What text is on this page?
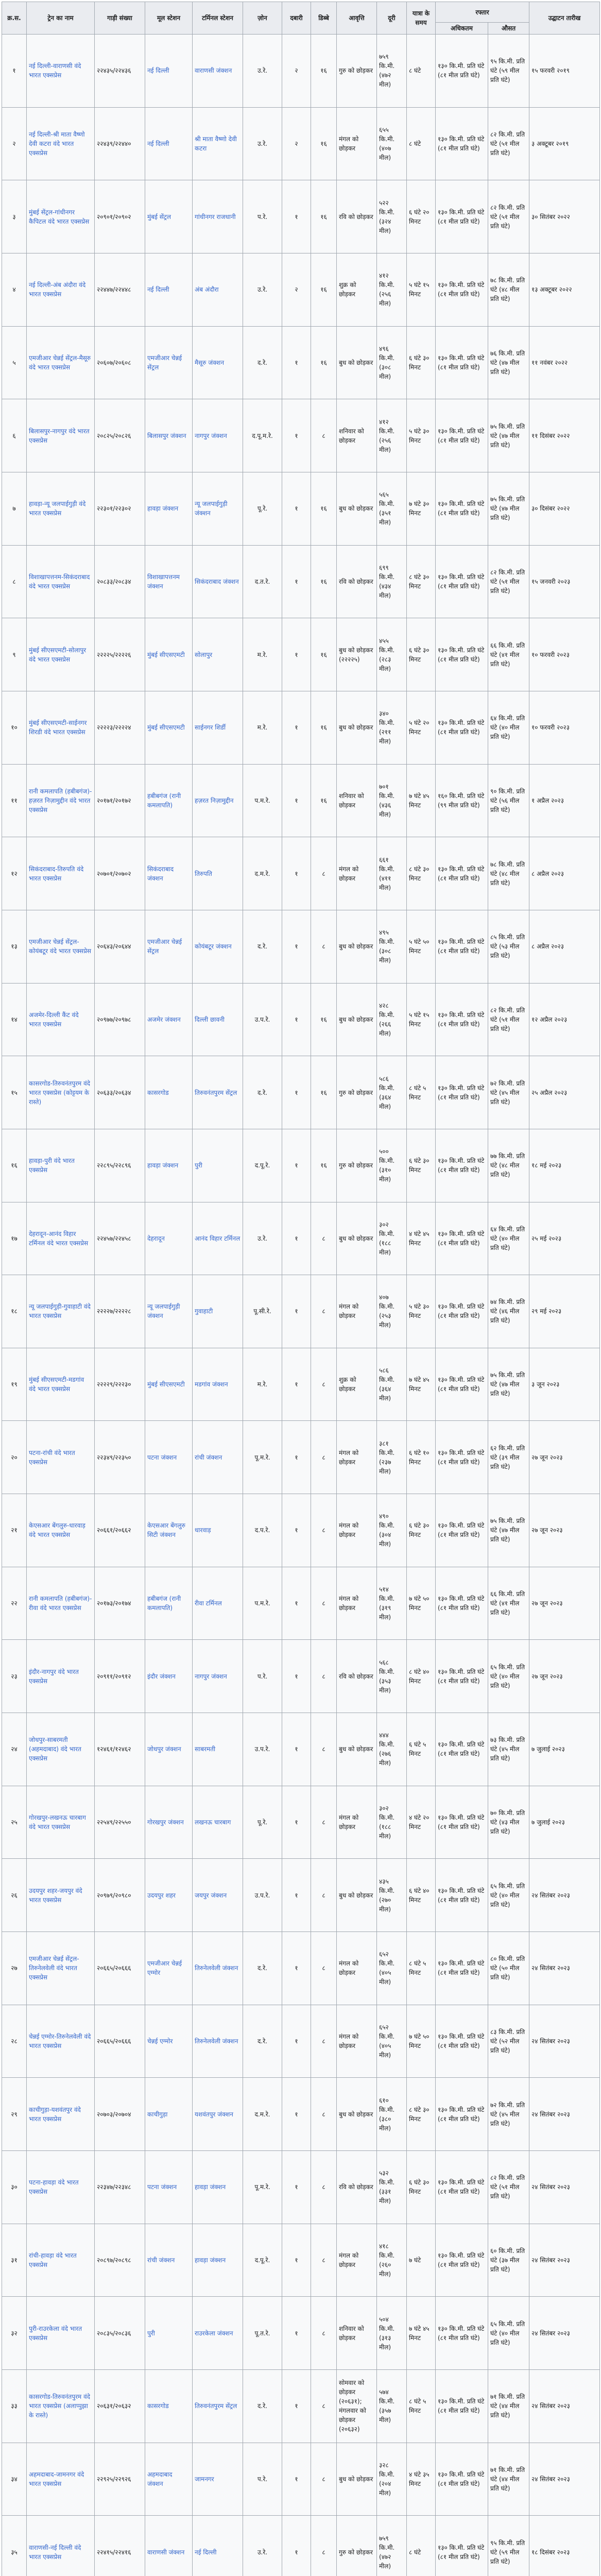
क्र.स.	ट्रेन का नाम	गाड़ी संख्या	मूल स्टेशन	टर्मिनल स्टेशन	ज़ोन	दबारी	डिब्बे	आवृत्ति	दूरी	यात्रा के समय	रफ्तार		उद्घाटन तारीख
											अधिकतम	औसत	
१	नई दिल्ली-वाराणसी वंदे भारत एक्सप्रेस	२२४३५/२२४३६	नई दिल्ली	वाराणसी जंक्शन	उ.रे.	२	१६	गुरु को छोड़कर	७५९ कि.मी. (४७२ मील)	८ घंटे	१३० कि.मी. प्रति घंटे (८१ मील प्रति घंटे)	९५ कि.मी. प्रति घंटे (५९ मील प्रति घंटे)	१५ फरवरी २०१९
२	नई दिल्ली-श्री माता वैष्णो देवी कटरा वंदे भारत एक्सप्रेस	२२४३९/२२४४०	नई दिल्ली	श्री माता वैष्णो देवी कटरा	उ.रे.	२	१६	मंगल को छोड़कर	६५५ कि.मी. (४०७ मील)	८ घंटे	१३० कि.मी. प्रति घंटे (८१ मील प्रति घंटे)	८२ कि.मी. प्रति घंटे (५१ मील प्रति घंटे)	३ अक्टूबर २०१९
३	मुंबई सेंट्रल-गांधीनगर कैपिटल वंदे भारत एक्सप्रेस	२०९०१/२०९०२	मुंबई सेंट्रल	गांधीनगर राजधानी	प.रे.	१	१६	रवि को छोड़कर	५२२ कि.मी. (३२४ मील)	६ घंटे २० मिनट	१३० कि.मी. प्रति घंटे (८१ मील प्रति घंटे)	८२ कि.मी. प्रति घंटे (५१ मील प्रति घंटे)	३० सितंबर २०२२
४	नई दिल्ली-अंब अंदौरा वंदे भारत एक्सप्रेस	२२४४७/२२४४८	नई दिल्ली	अंब अंदौरा	उ.रे.	२	१६	शुक्र को छोड़कर	४१२ कि.मी. (२५६ मील)	५ घंटे १५ मिनट	१३० कि.मी. प्रति घंटे (८१ मील प्रति घंटे)	७८ कि.मी. प्रति घंटे (४८ मील प्रति घंटे)	१३ अक्टूबर २०२२
५	एमजीआर चेन्नई सेंट्रल-मैसूरु वंदे भारत एक्सप्रेस	२०६०७/२०६०८	एमजीआर चेन्नई सेंट्रल	मैसूरु जंक्शन	द.रे.	१	१६	बुध को छोड़कर	४९६ कि.मी. (३०८ मील)	६ घंटे ३० मिनट	१३० कि.मी. प्रति घंटे (८१ मील प्रति घंटे)	७६ कि.मी. प्रति घंटे (४७ मील प्रति घंटे)	११ नवंबर २०२२
६	बिलासपुर-नागपुर वंदे भारत एक्सप्रेस	२०८२५/२०८२६	बिलासपुर जंक्शन	नागपुर जंक्शन	द.पू.म.रे.	१	८	शनिवार को छोड़कर	४१२ कि.मी. (२५६ मील)	५ घंटे ३० मिनट	१३० कि.मी. प्रति घंटे (८१ मील प्रति घंटे)	७५ कि.मी. प्रति घंटे (४७ मील प्रति घंटे)	११ दिसंबर २०२२
७	हावड़ा-न्यू जलपाईगुड़ी वंदे भारत एक्सप्रेस	२२३०१/२२३०२	हावड़ा जंक्शन	न्यू जलपाईगुड़ी जंक्शन	पू.रे.	१	१६	बुध को छोड़कर	५६५ कि.मी. (३५१ मील)	७ घंटे ३० मिनट	१३० कि.मी. प्रति घंटे (८१ मील प्रति घंटे)	७५ कि.मी. प्रति घंटे (४७ मील प्रति घंटे)	३० दिसंबर २०२२
८	विशाखापत्तनम-सिकंदराबाद वंदे भारत एक्सप्रेस	२०८३३/२०८३४	विशाखापत्तनम जंक्शन	सिकंदराबाद जंक्शन	द.त.रे.	१	१६	रवि को छोड़कर	६९९ कि.मी. (४३४ मील)	८ घंटे ३० मिनट	१३० कि.मी. प्रति घंटे (८१ मील प्रति घंटे)	८२ कि.मी. प्रति घंटे (५१ मील प्रति घंटे)	१५ जनवरी २०२३
९	मुंबई सीएसएमटी-सोलापुर वंदे भारत एक्सप्रेस	२२२२५/२२२२६	मुंबई सीएसएमटी	सोलापुर	म.रे.	१	१६	बुध को छोड़कर (२२२२५)	४५५ कि.मी. (२८३ मील)	६ घंटे ३० मिनट	१३० कि.मी. प्रति घंटे (८१ मील प्रति घंटे)	६६ कि.मी. प्रति घंटे (४१ मील प्रति घंटे)	१० फरवरी २०२३
१०	मुंबई सीएसएमटी-साईनगर शिरडी वंदे भारत एक्सप्रेस	२२२२३/२२२२४	मुंबई सीएसएमटी	साईनगर शिर्डी	म.रे.	१	१६	बुध को छोड़कर	३४० कि.मी. (२११ मील)	५ घंटे २० मिनट	१३० कि.मी. प्रति घंटे (८१ मील प्रति घंटे)	६४ कि.मी. प्रति घंटे (४० मील प्रति घंटे)	१० फरवरी २०२३
११	रानी कमलापति (हबीबगंज)-हज़रत निज़ामुद्दीन वंदे भारत एक्सप्रेस	२०१७१/२०१७२	हबीबगंज (रानी कमलापति)	हज़रत निज़ामुद्दीन	प.म.रे.	१	१६	शनिवार को छोड़कर	७०१ कि.मी. (४३६ मील)	७ घंटे ४५ मिनट	१६० कि.मी. प्रति घंटे (९९ मील प्रति घंटे)	९० कि.मी. प्रति घंटे (५६ मील प्रति घंटे)	१ अप्रैल २०२३
१२	सिकंदराबाद-तिरुपति वंदे भारत एक्सप्रेस	२०७०१/२०७०२	सिकंदराबाद जंक्शन	तिरुपति	द.म.रे.	१	८	मंगल को छोड़कर	६६१ कि.मी. (४११ मील)	८ घंटे ३० मिनट	१३० कि.मी. प्रति घंटे (८१ मील प्रति घंटे)	७८ कि.मी. प्रति घंटे (४८ मील प्रति घंटे)	८ अप्रैल २०२३
१३	एमजीआर चेन्नई सेंट्रल-कोयंबटूर वंदे भारत एक्सप्रेस	२०६४३/२०६४४	एमजीआर चेन्नई सेंट्रल	कोयंबटूर जंक्शन	द.रे.	१	८	बुध को छोड़कर	४९५ कि.मी. (३०८ मील)	५ घंटे ५० मिनट	१३० कि.मी. प्रति घंटे (८१ मील प्रति घंटे)	८५ कि.मी. प्रति घंटे (५३ मील प्रति घंटे)	८ अप्रैल २०२३
१४	अजमेर-दिल्ली कैंट वंदे भारत एक्सप्रेस	२०९७७/२०९७८	अजमेर जंक्शन	दिल्ली छावनी	उ.प.रे.	१	१६	बुध को छोड़कर	४२८ कि.मी. (२६६ मील)	५ घंटे १५ मिनट	१३० कि.मी. प्रति घंटे (८१ मील प्रति घंटे)	८२ कि.मी. प्रति घंटे (५१ मील प्रति घंटे)	१२ अप्रैल २०२३
१५	कासरगोड-तिरुवनंतपुरम वंदे भारत एक्सप्रेस (कोट्टयम के रास्ते)	२०६३३/२०६३४	कासरगोड	तिरुवनंतपुरम सेंट्रल	द.रे.	१	१६	गुरु को छोड़कर	५८६ कि.मी. (३६४ मील)	८ घंटे ५ मिनट	१३० कि.मी. प्रति घंटे (८१ मील प्रति घंटे)	७२ कि.मी. प्रति घंटे (४५ मील प्रति घंटे)	२५ अप्रैल २०२३
१६	हावड़ा-पुरी वंदे भारत एक्सप्रेस	२२८९५/२२८९६	हावड़ा जंक्शन	पुरी	द.पू.रे.	१	१६	गुरु को छोड़कर	५०० कि.मी. (३१० मील)	६ घंटे ३० मिनट	१३० कि.मी. प्रति घंटे (८१ मील प्रति घंटे)	७७ कि.मी. प्रति घंटे (४८ मील प्रति घंटे)	१८ मई २०२३
१७	देहरादून-आनंद विहार टर्मिनल वंदे भारत एक्सप्रेस	२२४५७/२२४५८	देहरादून	आनंद विहार टर्मिनल	उ.रे.	१	८	बुध को छोड़कर	३०२ कि.मी. (१८८ मील)	४ घंटे ४५ मिनट	१३० कि.मी. प्रति घंटे (८१ मील प्रति घंटे)	६४ कि.मी. प्रति घंटे (४० मील प्रति घंटे)	२५ मई २०२३
१८	न्यू जलपाईगुड़ी-गुवाहाटी वंदे भारत एक्सप्रेस	२२२२७/२२२२८	न्यू जलपाईगुड़ी जंक्शन	गुवाहाटी	पू.सी.रे.	१	८	मंगल को छोड़कर	४०७ कि.मी. (२५३ मील)	५ घंटे ३० मिनट	१३० कि.मी. प्रति घंटे (८१ मील प्रति घंटे)	७४ कि.मी. प्रति घंटे (४६ मील प्रति घंटे)	२९ मई २०२३
१९	मुंबई सीएसएमटी-मडगांव वंदे भारत एक्सप्रेस	२२२२९/२२२३०	मुंबई सीएसएमटी	मडगांव जंक्शन	म.रे.	१	८	शुक्र को छोड़कर	५८६ कि.मी. (३६४ मील)	७ घंटे ४५ मिनट	१३० कि.मी. प्रति घंटे (८१ मील प्रति घंटे)	७५ कि.मी. प्रति घंटे (४७ मील प्रति घंटे)	३ जून २०२३
२०	पटना-रांची वंदे भारत एक्सप्रेस	२२३४९/२२३५०	पटना जंक्शन	रांची जंक्शन	पू.म.रे.	१	८	मंगल को छोड़कर	३८१ कि.मी. (२३७ मील)	६ घंटे १० मिनट	१३० कि.मी. प्रति घंटे (८१ मील प्रति घंटे)	६२ कि.मी. प्रति घंटे (३९ मील प्रति घंटे)	२७ जून २०२३
२१	केएसआर बेंगलुरु-धारवाड़ वंदे भारत एक्सप्रेस	२०६६१/२०६६२	केएसआर बेंगलुरु सिटी जंक्शन	धारवाड़	द.प.रे.	१	८	मंगल को छोड़कर	४९० कि.मी. (३०४ मील)	६ घंटे ३० मिनट	१३० कि.मी. प्रति घंटे (८१ मील प्रति घंटे)	७५ कि.मी. प्रति घंटे (४७ मील प्रति घंटे)	२७ जून २०२३
२२	रानी कमलापति (हबीबगंज)-रीवा वंदे भारत एक्सप्रेस	२०१७३/२०१७४	हबीबगंज (रानी कमलापति)	रीवा टर्मिनल	प.म.रे.	१	८	मंगल को छोड़कर	५१४ कि.मी. (३१९ मील)	७ घंटे ५० मिनट	१३० कि.मी. प्रति घंटे (८१ मील प्रति घंटे)	६६ कि.मी. प्रति घंटे (४१ मील प्रति घंटे)	२७ जून २०२३
२३	इंदौर-नागपुर वंदे भारत एक्सप्रेस	२०९११/२०९१२	इंदौर जंक्शन	नागपुर जंक्शन	प.रे.	१	८	रवि को छोड़कर	५६८ कि.मी. (३५३ मील)	८ घंटे ४० मिनट	१३० कि.मी. प्रति घंटे (८१ मील प्रति घंटे)	६५ कि.मी. प्रति घंटे (४० मील प्रति घंटे)	२७ जून २०२३
२४	जोधपुर-साबरमती (अहमदाबाद) वंदे भारत एक्सप्रेस	१२४६१/१२४६२	जोधपुर जंक्शन	साबरमती	उ.प.रे.	१	८	बुध को छोड़कर	४४४ कि.मी. (२७६ मील)	६ घंटे ५ मिनट	१३० कि.मी. प्रति घंटे (८१ मील प्रति घंटे)	७३ कि.मी. प्रति घंटे (४५ मील प्रति घंटे)	७ जुलाई २०२३
२५	गोरखपुर-लखनऊ चारबाग वंदे भारत एक्सप्रेस	२२५४९/२२५५०	गोरखपुर जंक्शन	लखनऊ चारबाग	पू.रे.	१	८	मंगल को छोड़कर	३०२ कि.मी. (१८८ मील)	४ घंटे २० मिनट	१३० कि.मी. प्रति घंटे (८१ मील प्रति घंटे)	७० कि.मी. प्रति घंटे (४३ मील प्रति घंटे)	७ जुलाई २०२३
२६	उदयपुर शहर-जयपुर वंदे भारत एक्सप्रेस	२०९७९/२०९८०	उदयपुर शहर	जयपुर जंक्शन	उ.प.रे.	१	८	बुध को छोड़कर	४३५ कि.मी. (२७० मील)	६ घंटे ४० मिनट	१३० कि.मी. प्रति घंटे (८१ मील प्रति घंटे)	६५ कि.मी. प्रति घंटे (४० मील प्रति घंटे)	२४ सितंबर २०२३
२७	एमजीआर चेन्नई सेंट्रल-तिरुनेलवेली वंदे भारत एक्सप्रेस	२०६६५/२०६६६	एमजीआर चेन्नई एग्मोर	तिरुनेलवेली जंक्शन	द.रे.	१	८	मंगल को छोड़कर	६५२ कि.मी. (४०५ मील)	८ घंटे ५ मिनट	१३० कि.मी. प्रति घंटे (८१ मील प्रति घंटे)	८० कि.मी. प्रति घंटे (५० मील प्रति घंटे)	२४ सितंबर २०२३
२८	चेन्नई एग्मोर-तिरुनेलवेली वंदे भारत एक्सप्रेस	२०६६५/२०६६६	चेन्नई एग्मोर	तिरुनेलवेली जंक्शन	द.रे.	१	८	मंगल को छोड़कर	६५२ कि.मी. (४०५ मील)	७ घंटे ५० मिनट	१३० कि.मी. प्रति घंटे (८१ मील प्रति घंटे)	८३ कि.मी. प्रति घंटे (५२ मील प्रति घंटे)	२४ सितंबर २०२३
२९	काचीगुड़ा-यशवंतपुर वंदे भारत एक्सप्रेस	२०७०३/२०७०४	काचीगुड़ा	यशवंतपुर जंक्शन	द.म.रे.	१	८	बुध को छोड़कर	६१० कि.मी. (३८० मील)	८ घंटे ३० मिनट	१३० कि.मी. प्रति घंटे (८१ मील प्रति घंटे)	७२ कि.मी. प्रति घंटे (४५ मील प्रति घंटे)	२४ सितंबर २०२३
३०	पटना-हावड़ा वंदे भारत एक्सप्रेस	२२३४७/२२३४८	पटना जंक्शन	हावड़ा जंक्शन	पू.म.रे.	१	८	रवि को छोड़कर	५३२ कि.मी. (३३१ मील)	६ घंटे ३० मिनट	१३० कि.मी. प्रति घंटे (८१ मील प्रति घंटे)	८२ कि.मी. प्रति घंटे (५१ मील प्रति घंटे)	२४ सितंबर २०२३
३१	रांची-हावड़ा वंदे भारत एक्सप्रेस	२०८९७/२०८९८	रांची जंक्शन	हावड़ा जंक्शन	द.पू.रे.	१	८	मंगल को छोड़कर	४१८ कि.मी. (२६० मील)	७ घंटे	१३० कि.मी. प्रति घंटे (८१ मील प्रति घंटे)	६० कि.मी. प्रति घंटे (३७ मील प्रति घंटे)	२४ सितंबर २०२३
३२	पुरी-राउरकेला वंदे भारत एक्सप्रेस	२०८३५/२०८३६	पुरी	राउरकेला जंक्शन	पू.त.रे.	१	८	शनिवार को छोड़कर	५०४ कि.मी. (३१३ मील)	७ घंटे ४५ मिनट	१३० कि.मी. प्रति घंटे (८१ मील प्रति घंटे)	६५ कि.मी. प्रति घंटे (४० मील प्रति घंटे)	२४ सितंबर २०२३
३३	कासरगोड-तिरुवनंतपुरम वंदे भारत एक्सप्रेस (अलाप्पुझा के रास्ते)	२०६३१/२०६३२	कासरगोड	तिरुवनंतपुरम सेंट्रल	द.रे.	१	८	सोमवार को छोड़कर (२०६३१); मंगलवार को छोड़कर (२०६३२)	५७४ कि.मी. (३५७ मील)	८ घंटे ५ मिनट	१३० कि.मी. प्रति घंटे (८१ मील प्रति घंटे)	७१ कि.मी. प्रति घंटे (४४ मील प्रति घंटे)	२४ सितंबर २०२३
३४	अहमदाबाद-जामनगर वंदे भारत एक्सप्रेस	२२९२५/२२९२६	अहमदाबाद जंक्शन	जामनगर	प.रे.	१	८	बुध को छोड़कर	३२८ कि.मी. (२०४ मील)	४ घंटे ३५ मिनट	१३० कि.मी. प्रति घंटे (८१ मील प्रति घंटे)	७१ कि.मी. प्रति घंटे (४४ मील प्रति घंटे)	२४ सितंबर २०२३
३५	वाराणसी-नई दिल्ली वंदे भारत एक्सप्रेस	२२४१५/२२४१६	वाराणसी जंक्शन	नई दिल्ली	उ.रे.	१	८	गुरु को छोड़कर	७५९ कि.मी. (४७२ मील)	८ घंटे	१३० कि.मी. प्रति घंटे (८१ मील प्रति घंटे)	९५ कि.मी. प्रति घंटे (५९ मील प्रति घंटे)	१८ दिसंबर २०२३
